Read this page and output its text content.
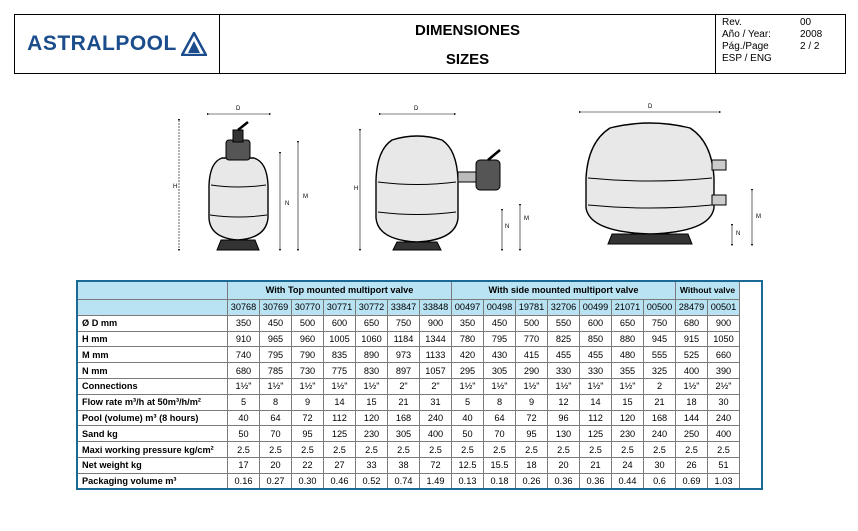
ASTRALPOOL
DIMENSIONES
SIZES
Rev.	00
Año / Year:	2008
Pág./Page	2 / 2
ESP / ENG
H
D
M
N
H
D
M
N
D
M
N
	With Top mounted multiport valve							With side mounted multiport valve							Without valve	
	30768	30769	30770	30771	30772	33847	33848	00497	00498	19781	32706	00499	21071	00500	28479	00501
Ø D mm	350	450	500	600	650	750	900	350	450	500	550	600	650	750	680	900
H mm	910	965	960	1005	1060	1184	1344	780	795	770	825	850	880	945	915	1050
M mm	740	795	790	835	890	973	1133	420	430	415	455	455	480	555	525	660
N mm	680	785	730	775	830	897	1057	295	305	290	330	330	355	325	400	390
Connections	1½"	1½"	1½"	1½"	1½"	2"	2"	1½"	1½"	1½"	1½"	1½"	1½"	2	1½"	2½"
Flow rate m³/h at 50m³/h/m²	5	8	9	14	15	21	31	5	8	9	12	14	15	21	18	30
Pool (volume) m³ (8 hours)	40	64	72	112	120	168	240	40	64	72	96	112	120	168	144	240
Sand kg	50	70	95	125	230	305	400	50	70	95	130	125	230	240	250	400
Maxi working pressure kg/cm²	2.5	2.5	2.5	2.5	2.5	2.5	2.5	2.5	2.5	2.5	2.5	2.5	2.5	2.5	2.5	2.5
Net weight kg	17	20	22	27	33	38	72	12.5	15.5	18	20	21	24	30	26	51
Packaging volume m³	0.16	0.27	0.30	0.46	0.52	0.74	1.49	0.13	0.18	0.26	0.36	0.36	0.44	0.6	0.69	1.03
